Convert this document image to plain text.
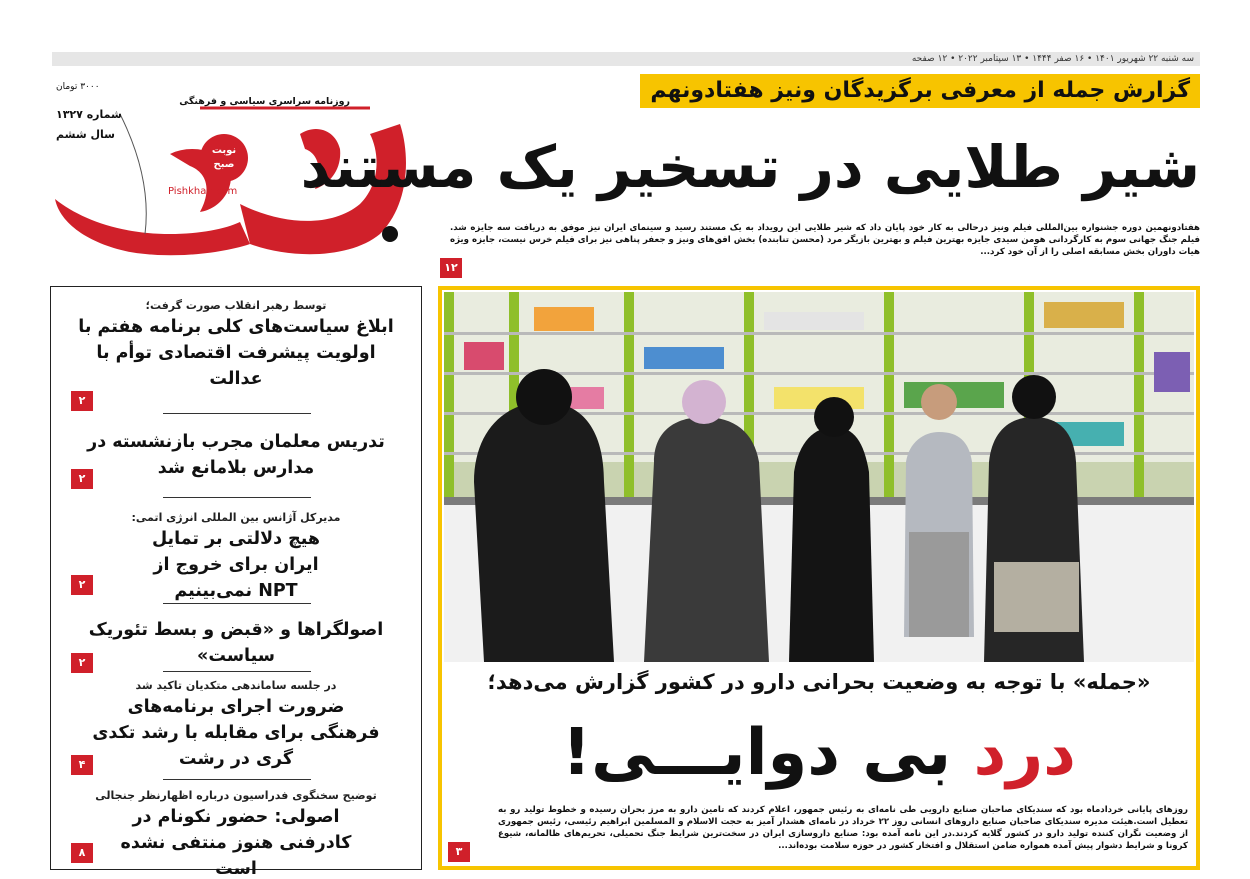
سه شنبه ۲۲ شهریور ۱۴۰۱ • ۱۶ صفر ۱۴۴۴ • ۱۳ سپتامبر ۲۰۲۲ • ۱۲ صفحه
۳۰۰۰ تومان
شماره ۱۳۲۷
سال ششم
روزنامه سراسری سیاسی و فرهنگی
نوبت صبح
Pishkhan.com
گزارش جمله از معرفی برگزیدگان ونیز هفتادونهم
شیر طلایی در تسخیر یک مستند
هفتادونهمین دوره جشنواره بین‌المللی فیلم ونیز درحالی به کار خود پایان داد که شیر طلایی این رویداد به یک مستند رسید و سینمای ایران نیز موفق به دریافت سه جایزه شد. فیلم جنگ جهانی سوم به کارگردانی هومن سیدی جایزه بهترین فیلم و بهترین بازیگر مرد (محسن تنابنده) بخش افق‌های ونیز و جعفر پناهی نیز برای فیلم خرس نیست، جایزه ویژه هیات داوران بخش مسابقه اصلی را از آن خود کرد...
۱۲
«جمله» با توجه به وضعیت بحرانی دارو در کشور گزارش می‌دهد؛
درد بی دوایـــی!
روزهای پایانی خردادماه بود که سندیکای صاحبان صنایع دارویی طی نامه‌ای به رئیس جمهور، اعلام کردند که تامین دارو به مرز بحران رسیده و خطوط تولید رو به تعطیل است.هیئت مدیره سندیکای صاحبان صنایع داروهای انسانی روز ۲۲ خرداد در نامه‌ای هشدار آمیز به حجت الاسلام و المسلمین ابراهیم رئیسی، رئیس جمهوری از وضعیت نگران کننده تولید دارو در کشور گلایه کردند.در این نامه آمده بود: صنایع داروسازی ایران در سخت‌ترین شرایط جنگ تحمیلی، تحریم‌های ظالمانه، شیوع کرونا و شرایط دشوار پیش آمده همواره ضامن استقلال و افتخار کشور در حوزه سلامت بوده‌اند...
۳
توسط رهبر انقلاب صورت گرفت؛
ابلاغ سیاست‌های کلی برنامه هفتم با اولویت پیشرفت اقتصادی توأم با عدالت
۲
تدریس معلمان مجرب بازنشسته در مدارس بلامانع شد
۲
مدیرکل آژانس بین المللی انرژی اتمی:
هیچ دلالتی بر تمایل ایران برای خروج از NPT نمی‌بینیم
۲
اصولگراها و «قبض و بسط تئوریک سیاست»
۲
در جلسه ساماندهی متکدیان تاکید شد
ضرورت اجرای برنامه‌های فرهنگی برای مقابله با رشد تکدی گری در رشت
۴
توضیح سخنگوی فدراسیون درباره اظهارنظر جنجالی
اصولی: حضور نکونام در کادرفنی هنوز منتفی نشده است
۸
